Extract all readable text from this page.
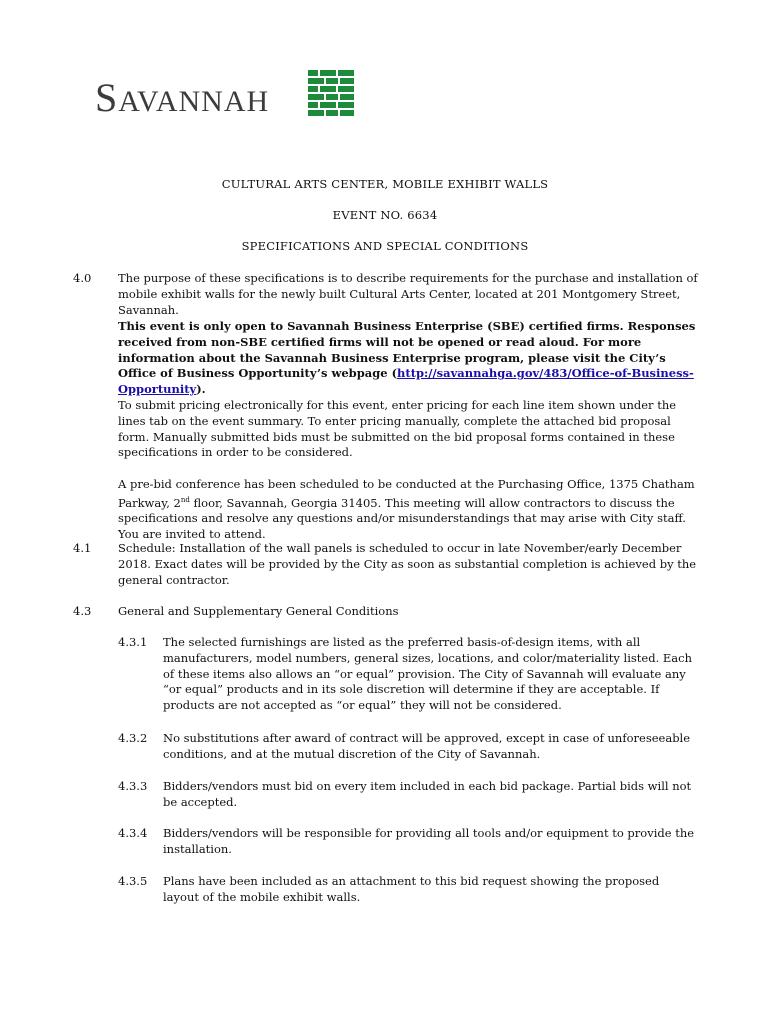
SAVANNAH
CULTURAL ARTS CENTER, MOBILE EXHIBIT WALLS
EVENT NO. 6634
SPECIFICATIONS AND SPECIAL CONDITIONS
4.0 The purpose of these specifications is to describe requirements for the purchase and installation of mobile exhibit walls for the newly built Cultural Arts Center, located at 201 Montgomery Street, Savannah.
This event is only open to Savannah Business Enterprise (SBE) certified firms. Responses received from non-SBE certified firms will not be opened or read aloud. For more information about the Savannah Business Enterprise program, please visit the City’s Office of Business Opportunity’s webpage (http://savannahga.gov/483/Office-of-Business-Opportunity).
To submit pricing electronically for this event, enter pricing for each line item shown under the lines tab on the event summary. To enter pricing manually, complete the attached bid proposal form. Manually submitted bids must be submitted on the bid proposal forms contained in these specifications in order to be considered.
A pre-bid conference has been scheduled to be conducted at the Purchasing Office, 1375 Chatham Parkway, 2nd floor, Savannah, Georgia 31405. This meeting will allow contractors to discuss the specifications and resolve any questions and/or misunderstandings that may arise with City staff. You are invited to attend.
4.1 Schedule: Installation of the wall panels is scheduled to occur in late November/early December 2018. Exact dates will be provided by the City as soon as substantial completion is achieved by the general contractor.
4.3 General and Supplementary General Conditions
4.3.1 The selected furnishings are listed as the preferred basis-of-design items, with all manufacturers, model numbers, general sizes, locations, and color/materiality listed. Each of these items also allows an “or equal” provision. The City of Savannah will evaluate any “or equal” products and in its sole discretion will determine if they are acceptable. If products are not accepted as “or equal” they will not be considered.
4.3.2 No substitutions after award of contract will be approved, except in case of unforeseeable conditions, and at the mutual discretion of the City of Savannah.
4.3.3 Bidders/vendors must bid on every item included in each bid package. Partial bids will not be accepted.
4.3.4 Bidders/vendors will be responsible for providing all tools and/or equipment to provide the installation.
4.3.5 Plans have been included as an attachment to this bid request showing the proposed layout of the mobile exhibit walls.
